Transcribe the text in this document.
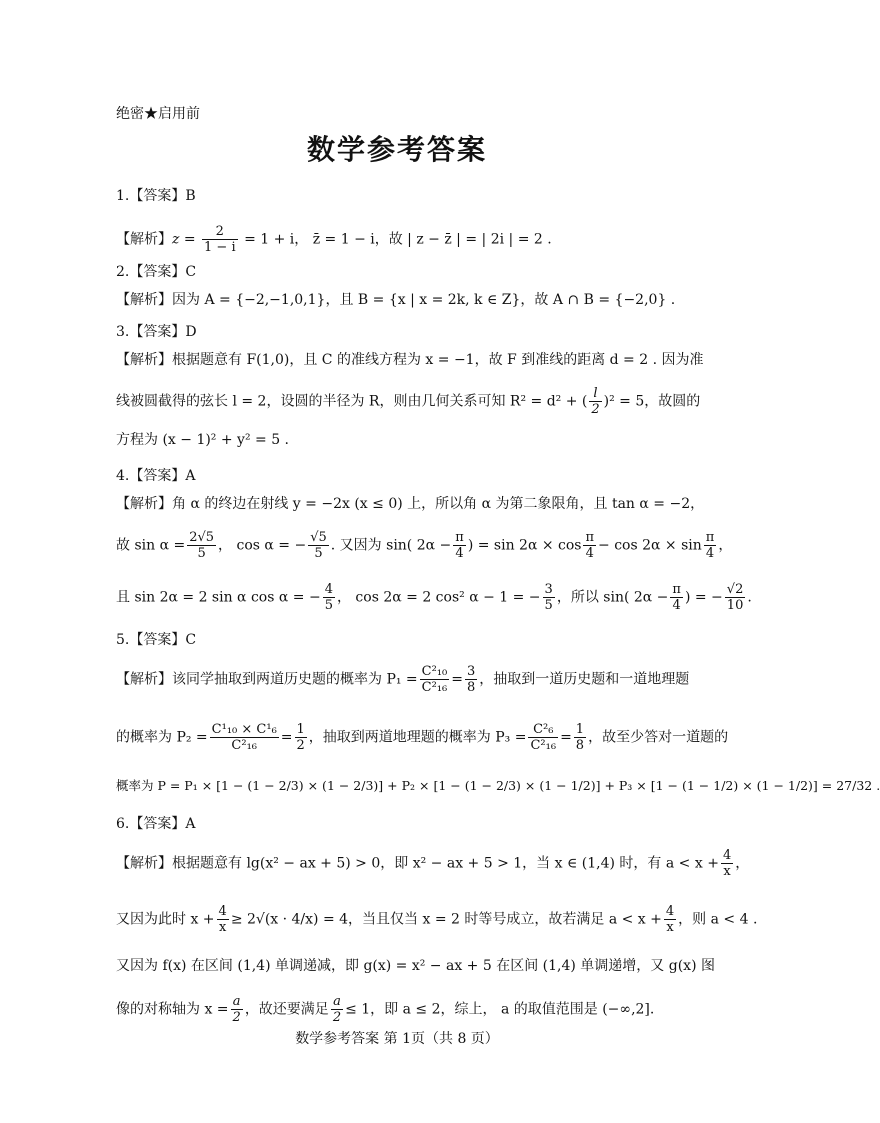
绝密★启用前
数学参考答案
1.【答案】B
【解析】$z = \frac{2}{1 - i} = 1 + i$， z̄ = 1 − i，故 | z − z̄ | = | 2i | = 2 .
2.【答案】C
【解析】因为 A = {−2,−1,0,1}，且 B = {x | x = 2k, k ∈ Z}，故 A ∩ B = {−2,0} .
3.【答案】D
【解析】根据题意有 F(1,0)，且 C 的准线方程为 x = −1，故 F 到准线的距离 d = 2 . 因为准
线被圆截得的弦长 l = 2，设圆的半径为 R，则由几何关系可知 R² = d² + ( $\frac{l}{2} )^2 = 5$，故圆的
方程为 (x − 1)² + y² = 5 .
4.【答案】A
【解析】角 α 的终边在射线 y = −2x (x ≤ 0) 上，所以角 α 为第二象限角，且 tan α = −2，
故 $\sin \alpha = \frac{2√5}{5}$ ， cos α = − $\frac{√5}{5}$ . 又因为 sin( $2\alpha - \frac{\pi}{4}$ ) = $\sin 2\alpha \times \cos \frac{\pi}{4} - \cos 2\alpha \times \sin \frac{\pi}{4}$ ，
且 sin 2α = 2 sin α cos α = − $\frac{4}{5}$ ， cos 2α = 2 cos² α − 1 = − $\frac{3}{5}$ ，所以 sin( $2\alpha - \frac{\pi}{4}$ ) = − $\frac{√2}{10}$ .
5.【答案】C
【解析】该同学抽取到两道历史题的概率为 $P_1 = \frac{\text{C²₁₀}}{\text{C²₁₆}} = \frac{3}{8}$ ，抽取到一道历史题和一道地理题
的概率为 $P_2 = \frac{\text{C¹₁₀ × C¹₆}}{\text{C²₁₆}} = \frac{1}{2}$ ，抽取到两道地理题的概率为 $P_3 = \frac{\text{C²₆}}{\text{C²₁₆}} = \frac{1}{8}$ ，故至少答对一道题的
概率为 P = P₁ × [1 − (1 − 2/3) × (1 − 2/3)] + P₂ × [1 − (1 − 2/3) × (1 − 1/2)] + P₃ × [1 − (1 − 1/2) × (1 − 1/2)] = 27/32 .
6.【答案】A
【解析】根据题意有 lg(x² − ax + 5) > 0，即 x² − ax + 5 > 1，当 x ∈ (1,4) 时，有 $a < x + \frac{4}{x}$ ，
又因为此时 $x + \frac{4}{x} \ge 2√(x \cdot 4/x) = 4$，当且仅当 x = 2 时等号成立，故若满足 $a < x + \frac{4}{x}$ ，则 a < 4 .
又因为 f(x) 在区间 (1,4) 单调递减，即 g(x) = x² − ax + 5 在区间 (1,4) 单调递增，又 g(x) 图
像的对称轴为 $x = \frac{a}{2}$ ，故还要满足 $\frac{a}{2} \le 1$，即 a ≤ 2，综上， a 的取值范围是 (−∞,2].
数学参考答案 第 1页（共 8 页）
